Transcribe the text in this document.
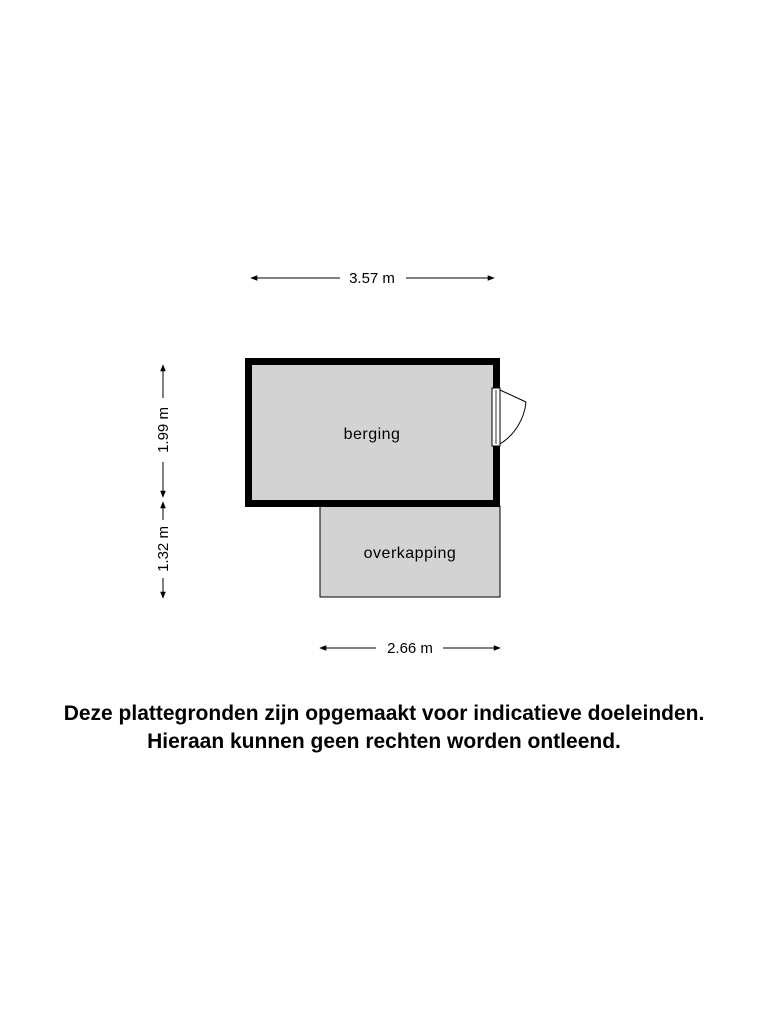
3.57 m
1.99 m
1.32 m	overkapping
berging
2.66 m
Deze plattegronden zijn opgemaakt voor indicatieve doeleinden.
Hieraan kunnen geen rechten worden ontleend.
